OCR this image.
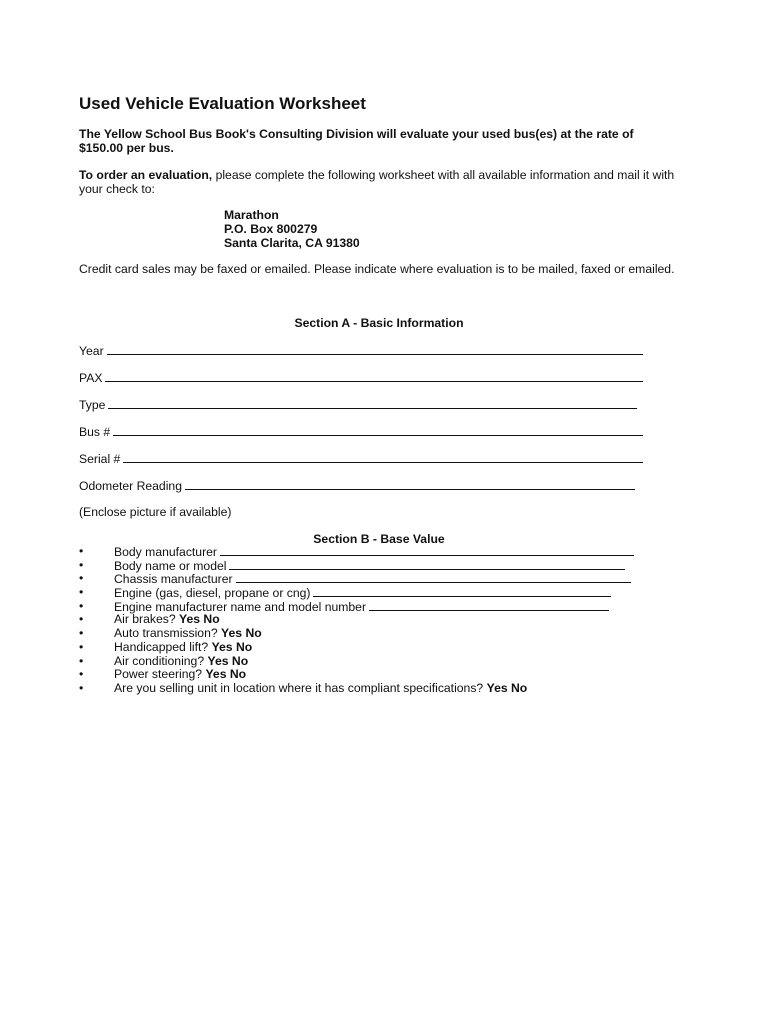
Used Vehicle Evaluation Worksheet
The Yellow School Bus Book's Consulting Division will evaluate your used bus(es) at the rate of $150.00 per bus.
To order an evaluation, please complete the following worksheet with all available information and mail it with your check to:
Marathon
P.O. Box 800279
Santa Clarita, CA 91380
Credit card sales may be faxed or emailed. Please indicate where evaluation is to be mailed, faxed or emailed.
Section A - Basic Information
Year
PAX
Type
Bus #
Serial #
Odometer Reading
(Enclose picture if available)
Section B - Base Value
•	Body manufacturer
•	Body name or model
•	Chassis manufacturer
•	Engine (gas, diesel, propane or cng)
•	Engine manufacturer name and model number
•	Air brakes? Yes No
•	Auto transmission? Yes No
•	Handicapped lift? Yes No
•	Air conditioning? Yes No
•	Power steering? Yes No
•	Are you selling unit in location where it has compliant specifications? Yes No
